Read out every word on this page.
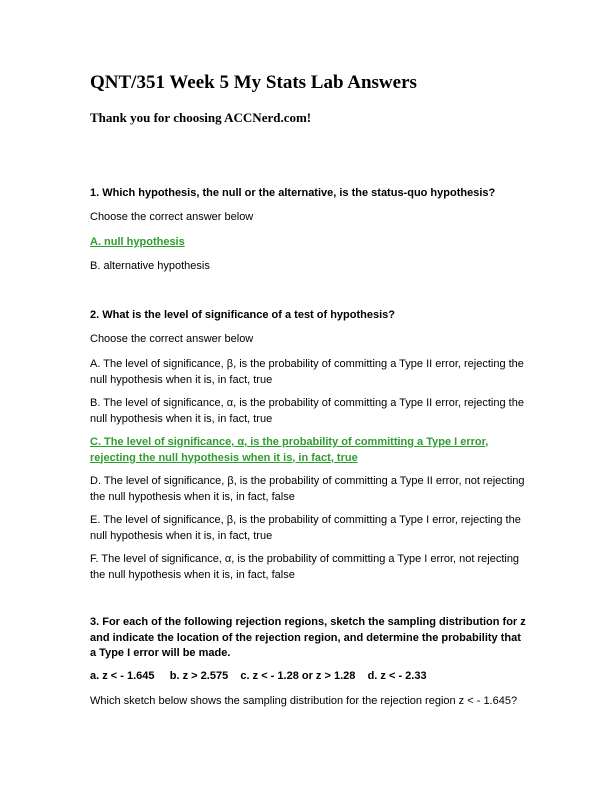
QNT/351 Week 5 My Stats Lab Answers
Thank you for choosing ACCNerd.com!
1. Which hypothesis, the null or the alternative, is the status-quo hypothesis?
Choose the correct answer below
A. null hypothesis
B. alternative hypothesis
2. What is the level of significance of a test of hypothesis?
Choose the correct answer below
A. The level of significance, β, is the probability of committing a Type II error, rejecting the null hypothesis when it is, in fact, true
B. The level of significance, α, is the probability of committing a Type II error, rejecting the null hypothesis when it is, in fact, true
C. The level of significance, α, is the probability of committing a Type I error, rejecting the null hypothesis when it is, in fact, true
D. The level of significance, β, is the probability of committing a Type II error, not rejecting the null hypothesis when it is, in fact, false
E. The level of significance, β, is the probability of committing a Type I error, rejecting the null hypothesis when it is, in fact, true
F. The level of significance, α, is the probability of committing a Type I error, not rejecting the null hypothesis when it is, in fact, false
3. For each of the following rejection regions, sketch the sampling distribution for z and indicate the location of the rejection region, and determine the probability that a Type I error will be made.
a. z < - 1.645     b. z > 2.575    c. z < - 1.28 or z > 1.28    d. z < - 2.33
Which sketch below shows the sampling distribution for the rejection region z < - 1.645?
